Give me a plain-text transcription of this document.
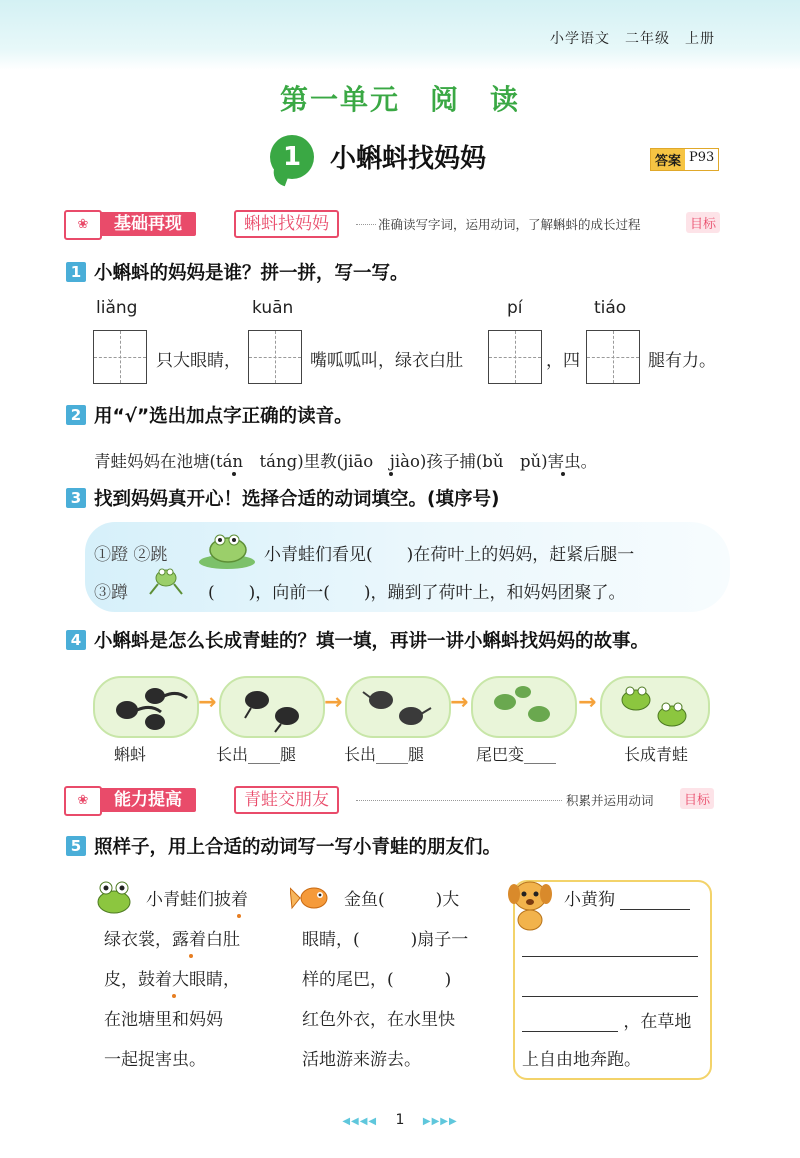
小学语文　二年级　上册
第一单元　阅　读
1	小蝌蚪找妈妈	答案 P93
❀	基础再现	蝌蚪找妈妈	准确读写字词，运用动词，了解蝌蚪的成长过程	目标
1 小蝌蚪的妈妈是谁？拼一拼，写一写。
liǎng	kuān	pí	tiáo
只大眼睛，	嘴呱呱叫，绿衣白肚	，四	腿有力。
2 用“√”选出加点字正确的读音。
青蛙妈妈在池塘(tán　táng)里教(jiāo　jiào)孩子捕(bǔ　pǔ)害虫。
3 找到妈妈真开心！选择合适的动词填空。(填序号)
①蹬 ②跳
③蹲
小青蛙们看见(　　)在荷叶上的妈妈，赶紧后腿一
(　　)，向前一(　　)，蹦到了荷叶上，和妈妈团聚了。
4 小蝌蚪是怎么长成青蛙的？填一填，再讲一讲小蝌蚪找妈妈的故事。
→	→	→	→
蝌蚪	长出____腿	长出____腿	尾巴变____	长成青蛙
❀	能力提高	青蛙交朋友	积累并运用动词	目标
5 照样子，用上合适的动词写一写小青蛙的朋友们。
小青蛙们披着
绿衣裳，露着白肚
皮，鼓着大眼睛，
在池塘里和妈妈
一起捉害虫。
金鱼(　　　)大
眼睛，(　　　)扇子一
样的尾巴，(　　　)
红色外衣，在水里快
活地游来游去。
小黄狗
，在草地
上自由地奔跑。
◀◀◀◀ 1 ▶▶▶▶
